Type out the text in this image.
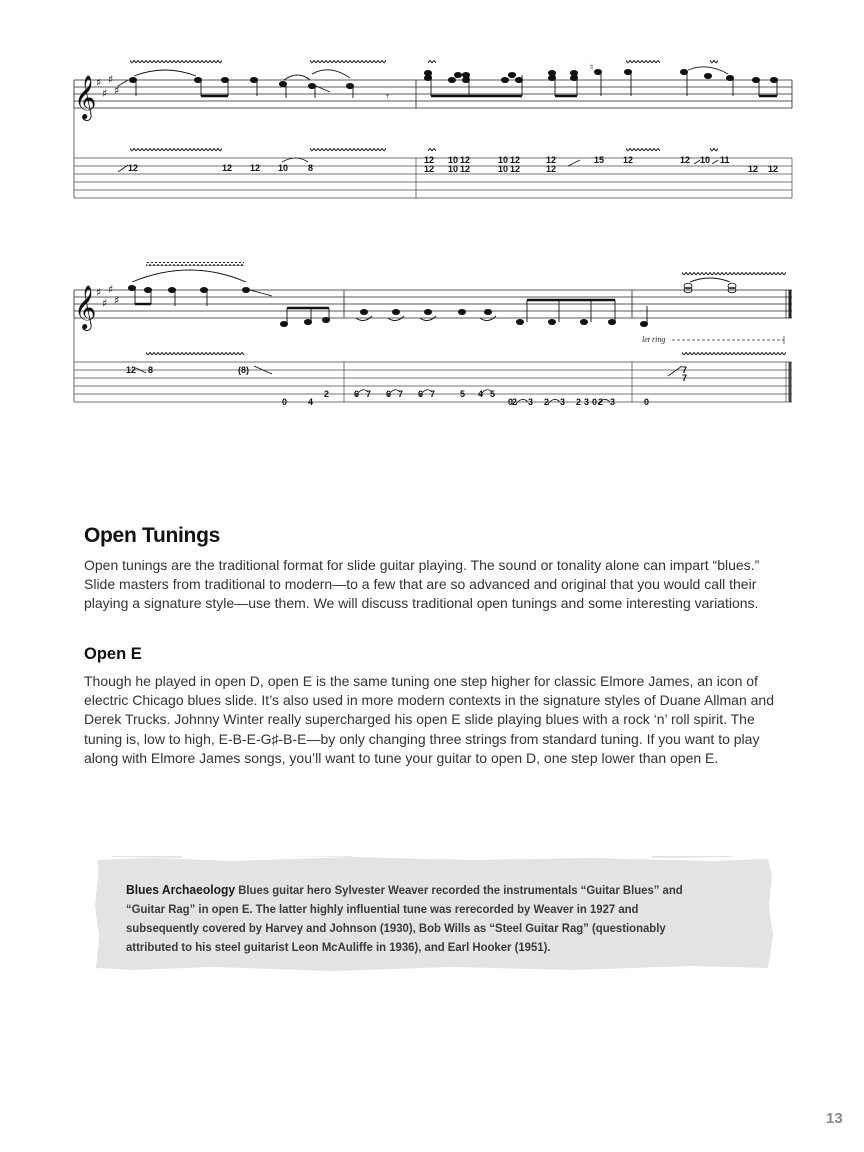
𝄞 ♯
♯
♯
♯	𝄾
♮
12	12 12 10 8
12 10 12	10 12	12	15 12	12 10 11
12 10 12	10 12	12	12 12
𝄞 ♯
♯
♯
♯
let ring
12 8	(8)	7
7
6 7 6 7 6 7	5 4 5
0 4
2
0
2 3 2 3 2 3 0 2 3	0
Open Tunings

Open tunings are the traditional format for slide guitar playing. The sound or tonality alone can impart “blues.” Slide masters from traditional to modern—to a few that are so advanced and original that you would call their playing a signature style—use them. We will discuss traditional open tunings and some interesting variations.

Open E

Though he played in open D, open E is the same tuning one step higher for classic Elmore James, an icon of electric Chicago blues slide. It’s also used in more modern contexts in the signature styles of Duane Allman and Derek Trucks. Johnny Winter really supercharged his open E slide playing blues with a rock ‘n’ roll spirit. The tuning is, low to high, E-B-E-G♯-B-E—by only changing three strings from standard tuning. If you want to play along with Elmore James songs, you’ll want to tune your guitar to open D, one step lower than open E.

Blues Archaeology Blues guitar hero Sylvester Weaver recorded the instrumentals “Guitar Blues” and “Guitar Rag” in open E. The latter highly influential tune was rerecorded by Weaver in 1927 and subsequently covered by Harvey and Johnson (1930), Bob Wills as “Steel Guitar Rag” (questionably attributed to his steel guitarist Leon McAuliffe in 1936), and Earl Hooker (1951).

13
